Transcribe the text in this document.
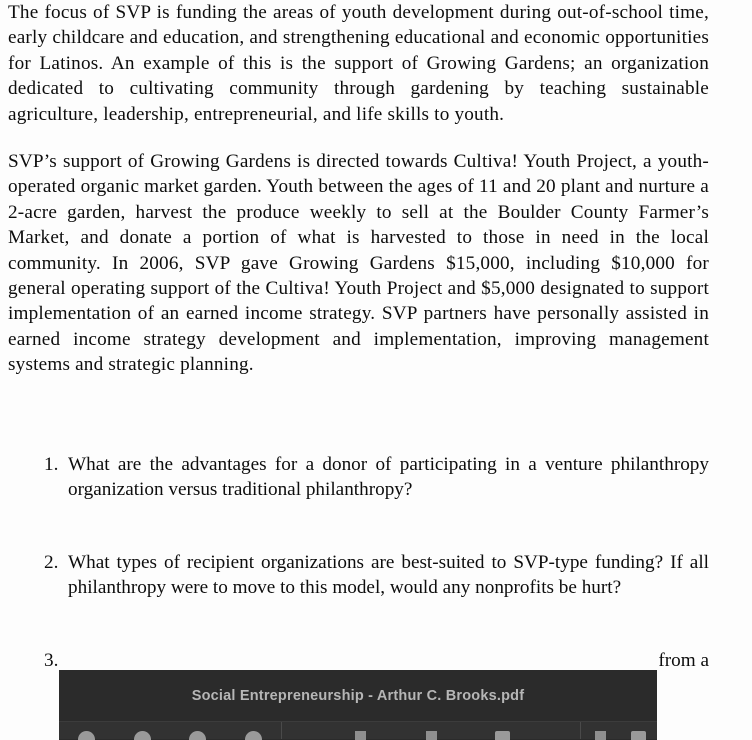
The focus of SVP is funding the areas of youth development during out-of-school time, early childcare and education, and strengthening educational and economic opportunities for Latinos. An example of this is the support of Growing Gardens; an organization dedicated to cultivating community through gardening by teaching sustainable agriculture, leadership, entrepreneurial, and life skills to youth.

SVP’s support of Growing Gardens is directed towards Cultiva! Youth Project, a youth-operated organic market garden. Youth between the ages of 11 and 20 plant and nurture a 2-acre garden, harvest the produce weekly to sell at the Boulder County Farmer’s Market, and donate a portion of what is harvested to those in need in the local community. In 2006, SVP gave Growing Gardens $15,000, including $10,000 for general operating support of the Cultiva! Youth Project and $5,000 designated to support implementation of an earned income strategy. SVP partners have personally assisted in earned income strategy development and implementation, improving management systems and strategic planning.

1. What are the advantages for a donor of participating in a venture philanthropy organization versus traditional philanthropy?
2. What types of recipient organizations are best-suited to SVP-type funding? If all philanthropy were to move to this model, would any nonprofits be hurt?
3.	from a
Social Entrepreneurship - Arthur C. Brooks.pdf
